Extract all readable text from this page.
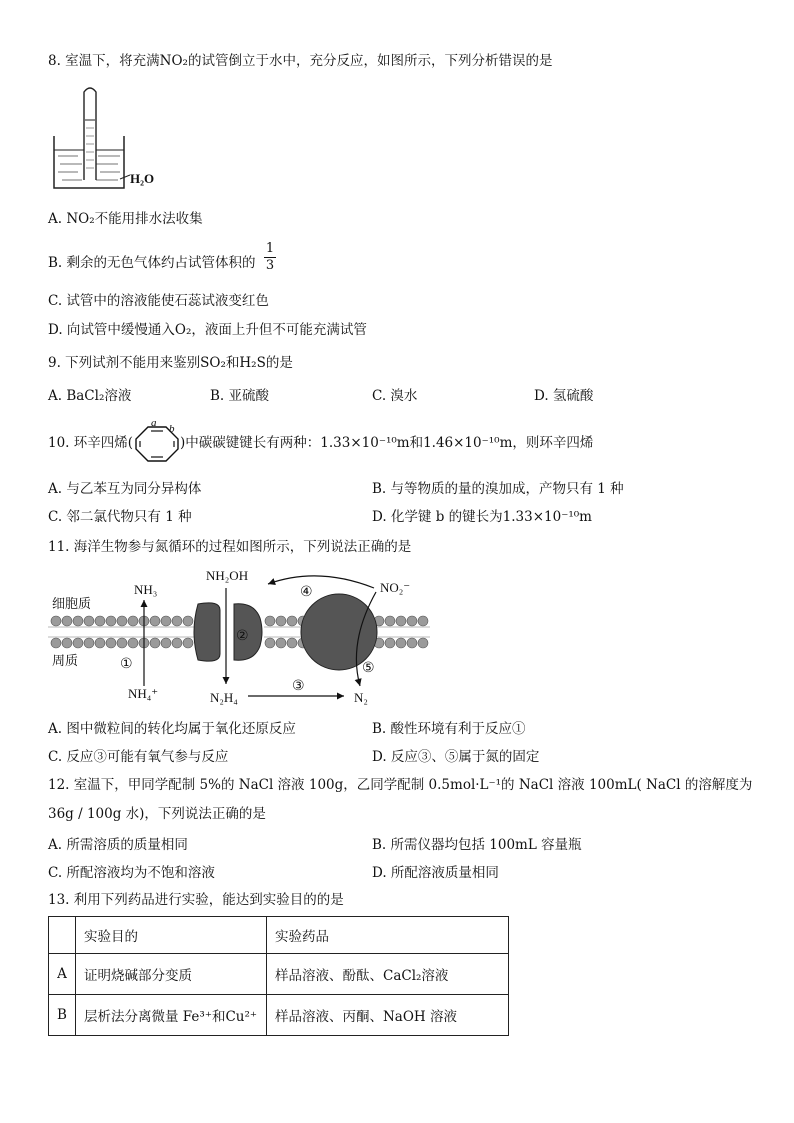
8. 室温下，将充满NO₂的试管倒立于水中，充分反应，如图所示，下列分析错误的是
H₂O
A. NO₂不能用排水法收集
B. 剩余的无色气体约占试管体积的
1
3
C. 试管中的溶液能使石蕊试液变红色
D. 向试管中缓慢通入O₂，液面上升但不可能充满试管
9. 下列试剂不能用来鉴别SO₂和H₂S的是
A. BaCl₂溶液	B. 亚硫酸	C. 溴水	D. 氢硫酸
10. 环辛四烯(
a b
)中碳碳键键长有两种：1.33×10⁻¹⁰m和1.46×10⁻¹⁰m，则环辛四烯
A. 与乙苯互为同分异构体	B. 与等物质的量的溴加成，产物只有 1 种
C. 邻二氯代物只有 1 种	D. 化学键 b 的键长为1.33×10⁻¹⁰m
11. 海洋生物参与氮循环的过程如图所示，下列说法正确的是
细胞质
周质
NH₃
NH₂OH
NO₂⁻
NH₄⁺	N₂H₄	N₂
①
②
③
④
⑤
A. 图中微粒间的转化均属于氧化还原反应	B. 酸性环境有利于反应①
C. 反应③可能有氧气参与反应	D. 反应③、⑤属于氮的固定
12. 室温下，甲同学配制 5%的 NaCl 溶液 100g，乙同学配制 0.5mol·L⁻¹的 NaCl 溶液 100mL( NaCl 的溶解度为
36g / 100g 水)，下列说法正确的是
A. 所需溶质的质量相同	B. 所需仪器均包括 100mL 容量瓶
C. 所配溶液均为不饱和溶液	D. 所配溶液质量相同
13. 利用下列药品进行实验，能达到实验目的的是
	实验目的	实验药品
A	证明烧碱部分变质	样品溶液、酚酞、CaCl₂溶液
B	层析法分离微量 Fe³⁺和Cu²⁺	样品溶液、丙酮、NaOH 溶液
